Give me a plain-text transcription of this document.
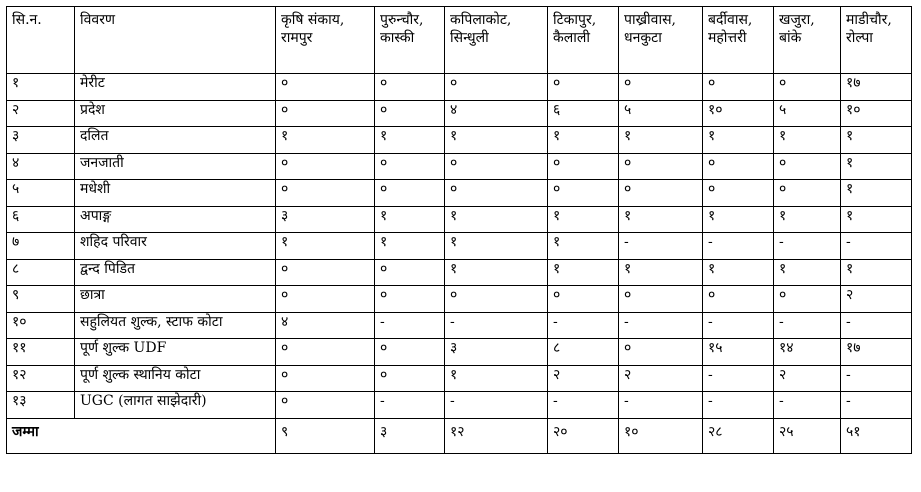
सि.न.	विवरण	कृषि संकाय, रामपुर	पुरुन्चौर, कास्की	कपिलाकोट, सिन्धुली	टिकापुर, कैलाली	पाख्रीवास, धनकुटा	बर्दीवास, महोत्तरी	खजुरा, बांके	माडीचौर, रोल्पा
१	मेरीट	०	०	०	०	०	०	०	१७
२	प्रदेश	०	०	४	६	५	१०	५	१०
३	दलित	१	१	१	१	१	१	१	१
४	जनजाती	०	०	०	०	०	०	०	१
५	मधेशी	०	०	०	०	०	०	०	१
६	अपाङ्ग	३	१	१	१	१	१	१	१
७	शहिद परिवार	१	१	१	१	-	-	-	-
८	द्वन्द पिडित	०	०	१	१	१	१	१	१
९	छात्रा	०	०	०	०	०	०	०	२
१०	सहुलियत शुल्क, स्टाफ कोटा	४	-	-	-	-	-	-	-
११	पूर्ण शुल्क UDF	०	०	३	८	०	१५	१४	१७
१२	पूर्ण शुल्क स्थानिय कोटा	०	०	१	२	२	-	२	-
१३	UGC (लागत साझेदारी)	०	-	-	-	-	-	-	-
जम्मा		९	३	१२	२०	१०	२८	२५	५१
